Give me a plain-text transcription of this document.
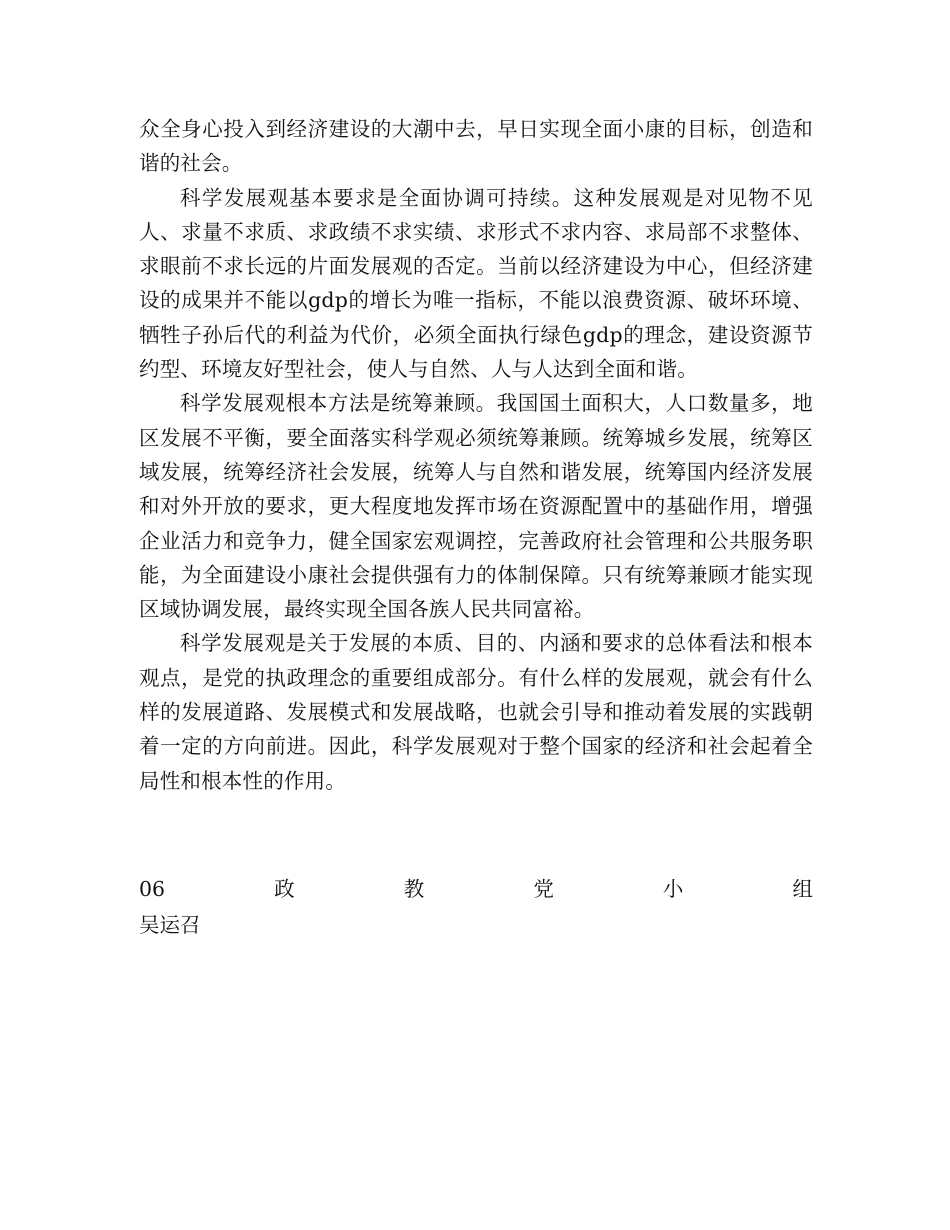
众全身心投入到经济建设的大潮中去，早日实现全面小康的目标，创造和谐的社会。

科学发展观基本要求是全面协调可持续。这种发展观是对见物不见人、求量不求质、求政绩不求实绩、求形式不求内容、求局部不求整体、求眼前不求长远的片面发展观的否定。当前以经济建设为中心，但经济建设的成果并不能以gdp的增长为唯一指标，不能以浪费资源、破坏环境、牺牲子孙后代的利益为代价，必须全面执行绿色gdp的理念，建设资源节约型、环境友好型社会，使人与自然、人与人达到全面和谐。

科学发展观根本方法是统筹兼顾。我国国土面积大，人口数量多，地区发展不平衡，要全面落实科学观必须统筹兼顾。统筹城乡发展，统筹区域发展，统筹经济社会发展，统筹人与自然和谐发展，统筹国内经济发展和对外开放的要求，更大程度地发挥市场在资源配置中的基础作用，增强企业活力和竞争力，健全国家宏观调控，完善政府社会管理和公共服务职能，为全面建设小康社会提供强有力的体制保障。只有统筹兼顾才能实现区域协调发展，最终实现全国各族人民共同富裕。

科学发展观是关于发展的本质、目的、内涵和要求的总体看法和根本观点，是党的执政理念的重要组成部分。有什么样的发展观，就会有什么样的发展道路、发展模式和发展战略，也就会引导和推动着发展的实践朝着一定的方向前进。因此，科学发展观对于整个国家的经济和社会起着全局性和根本性的作用。

06	政	教	党	小	组
吴运召
